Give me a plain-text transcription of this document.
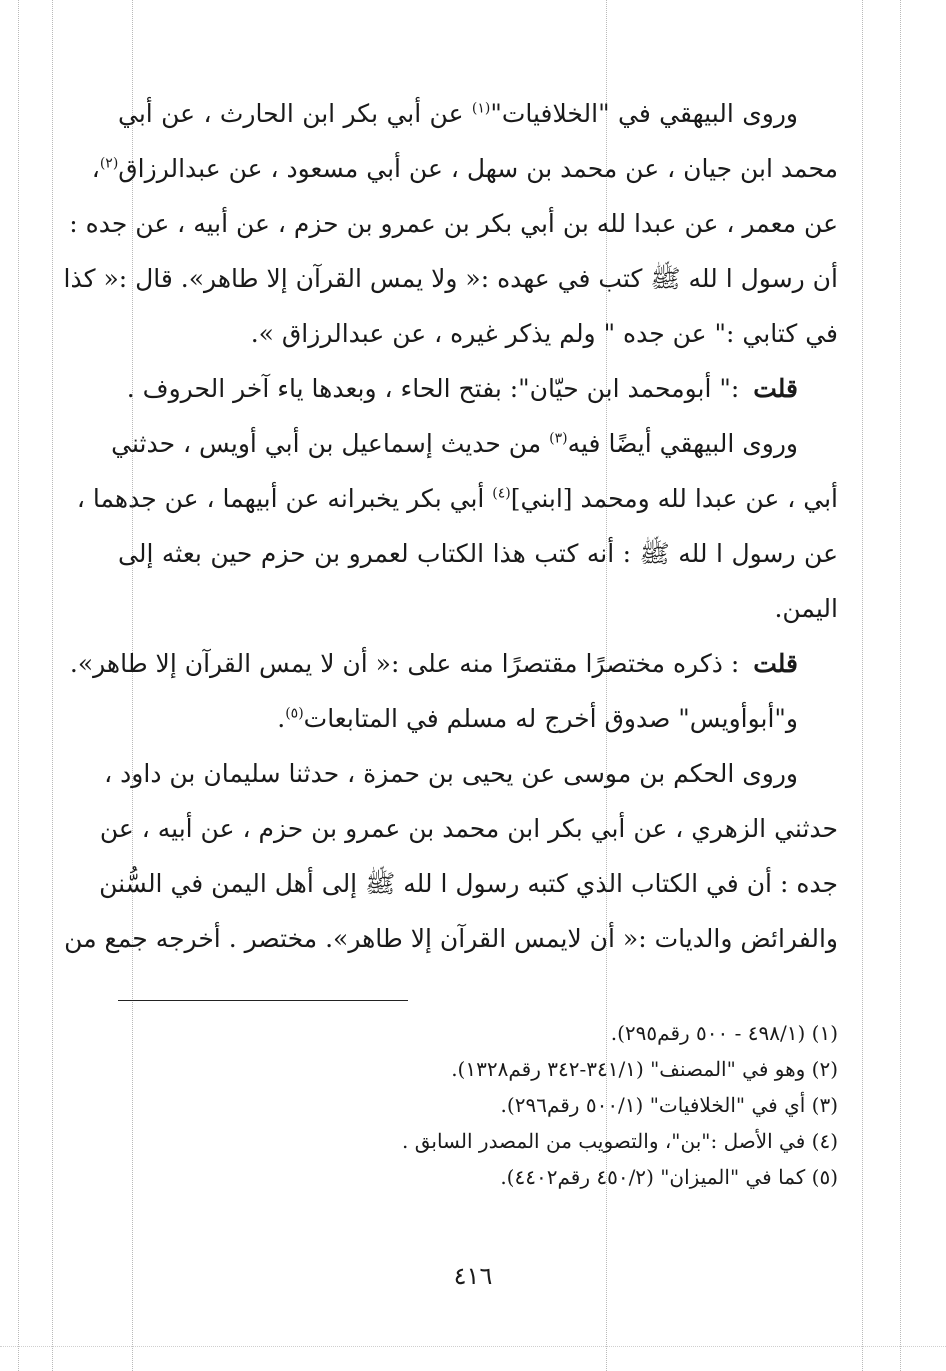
وروى البيهقي في "الخلافيات"$^{(١)}$ عن أبي بكر ابن الحارث ، عن أبي
محمد ابن جيان ، عن محمد بن سهل ، عن أبي مسعود ، عن عبدالرزاق$^{(٢)}$،
عن معمر ، عن عبدا لله بن أبي بكر بن عمرو بن حزم ، عن أبيه ، عن جده :
أن رسول ا لله ﷺ كتب في عهده :« ولا يمس القرآن إلا طاهر». قال :« كذا
في كتابي :" عن جده " ولم يذكر غيره ، عن عبدالرزاق ».
قلت :" أبومحمد ابن حيّان": بفتح الحاء ، وبعدها ياء آخر الحروف .
وروى البيهقي أيضًا فيه$^{(٣)}$ من حديث إسماعيل بن أبي أويس ، حدثني
أبي ، عن عبدا لله ومحمد [ابني]$^{(٤)}$ أبي بكر يخبرانه عن أبيهما ، عن جدهما ،
عن رسول ا لله ﷺ : أنه كتب هذا الكتاب لعمرو بن حزم حين بعثه إلى
اليمن.
قلت : ذكره مختصرًا مقتصرًا منه على :« أن لا يمس القرآن إلا طاهر».
و"أبوأويس" صدوق أخرج له مسلم في المتابعات$^{(٥)}$.
وروى الحكم بن موسى عن يحيى بن حمزة ، حدثنا سليمان بن داود ،
حدثني الزهري ، عن أبي بكر ابن محمد بن عمرو بن حزم ، عن أبيه ، عن
جده : أن في الكتاب الذي كتبه رسول ا لله ﷺ إلى أهل اليمن في السُّنن
والفرائض والديات :« أن لايمس القرآن إلا طاهر». مختصر . أخرجه جمع من
(١) (٤٩٨/١ - ٥٠٠ رقم٢٩٥).
(٢) وهو في "المصنف" (٣٤١/١-٣٤٢ رقم١٣٢٨).
(٣) أي في "الخلافيات" (٥٠٠/١ رقم٢٩٦).
(٤) في الأصل :"بن"، والتصويب من المصدر السابق .
(٥) كما في "الميزان" (٤٥٠/٢ رقم٤٤٠٢).
٤١٦
